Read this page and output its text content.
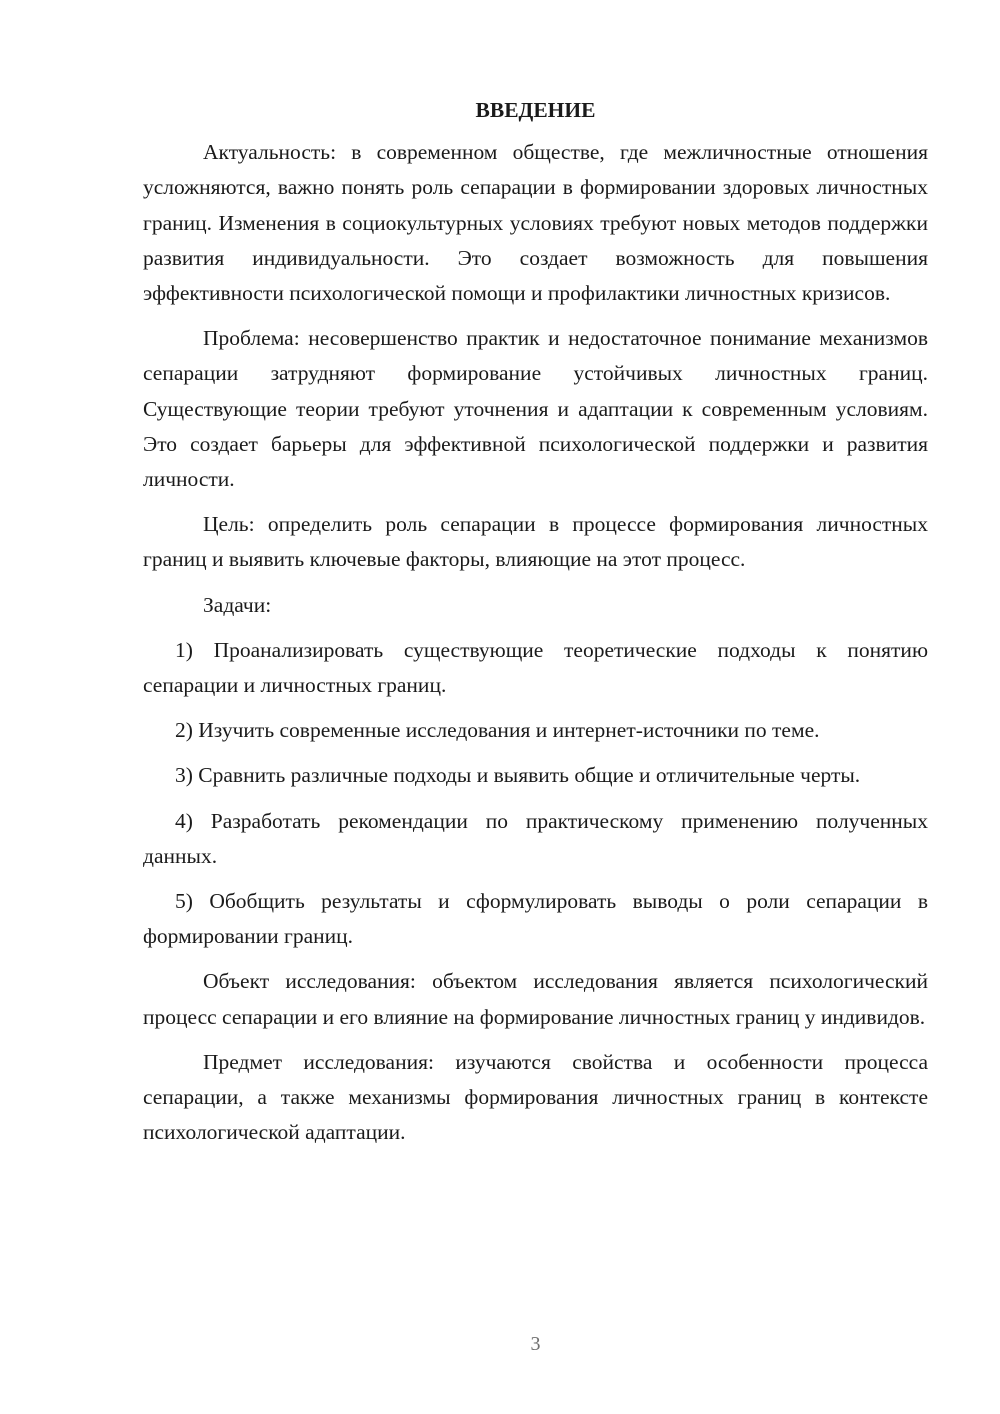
ВВЕДЕНИЕ

Актуальность: в современном обществе, где межличностные отношения усложняются, важно понять роль сепарации в формировании здоровых личностных границ. Изменения в социокультурных условиях требуют новых методов поддержки развития индивидуальности. Это создает возможность для повышения эффективности психологической помощи и профилактики личностных кризисов.

Проблема: несовершенство практик и недостаточное понимание механизмов сепарации затрудняют формирование устойчивых личностных границ. Существующие теории требуют уточнения и адаптации к современным условиям. Это создает барьеры для эффективной психологической поддержки и развития личности.

Цель: определить роль сепарации в процессе формирования личностных границ и выявить ключевые факторы, влияющие на этот процесс.

Задачи:

1) Проанализировать существующие теоретические подходы к понятию сепарации и личностных границ.

2) Изучить современные исследования и интернет-источники по теме.

3) Сравнить различные подходы и выявить общие и отличительные черты.

4) Разработать рекомендации по практическому применению полученных данных.

5) Обобщить результаты и сформулировать выводы о роли сепарации в формировании границ.

Объект исследования: объектом исследования является психологический процесс сепарации и его влияние на формирование личностных границ у индивидов.

Предмет исследования: изучаются свойства и особенности процесса сепарации, а также механизмы формирования личностных границ в контексте психологической адаптации.

3
